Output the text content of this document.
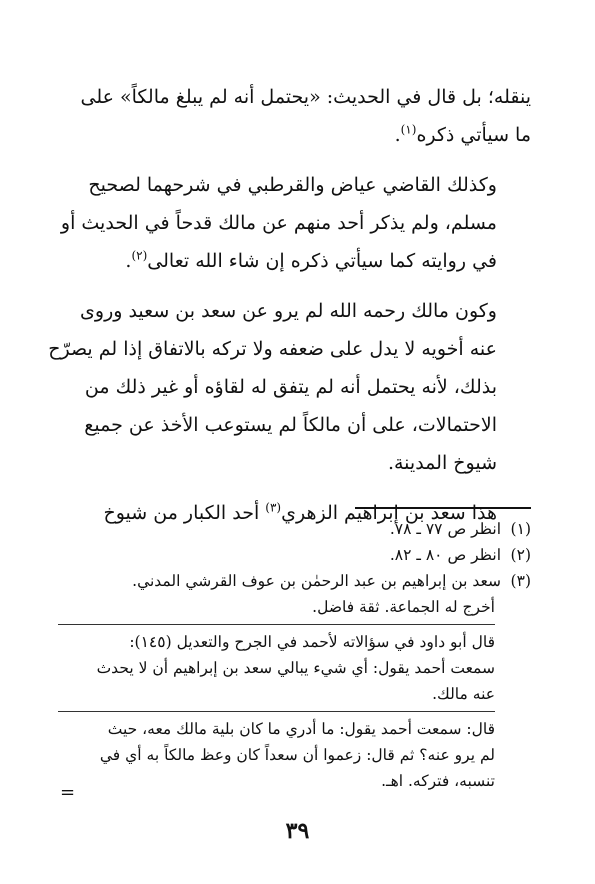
ينقله؛ بل قال في الحديث: «يحتمل أنه لم يبلغ مالكاً» على
ما سيأتي ذكره$^{(١)}$.

وكذلك القاضي عياض والقرطبي في شرحهما لصحيح
مسلم، ولم يذكر أحد منهم عن مالك قدحاً في الحديث أو
في روايته كما سيأتي ذكره إن شاء الله تعالى$^{(٢)}$.

وكون مالك رحمه الله لم يرو عن سعد بن سعيد وروى
عنه أخويه لا يدل على ضعفه ولا تركه بالاتفاق إذا لم يصرّح
بذلك، لأنه يحتمل أنه لم يتفق له لقاؤه أو غير ذلك من
الاحتمالات، على أن مالكاً لم يستوعب الأخذ عن جميع
شيوخ المدينة.

هذا سعد بن إبراهيم الزهري$^{(٣)}$ أحد الكبار من شيوخ

(١)انظر ص ٧٧ ـ ٧٨.
(٢)انظر ص ٨٠ ـ ٨٢.
(٣)سعد بن إبراهيم بن عبد الرحمٰن بن عوف القرشي المدني.
أخرج له الجماعة. ثقة فاضل.
قال أبو داود في سؤالاته لأحمد في الجرح والتعديل (١٤٥):
سمعت أحمد يقول: أي شيء يبالي سعد بن إبراهيم أن لا يحدث
عنه مالك.
قال: سمعت أحمد يقول: ما أدري ما كان بلية مالك معه، حيث
لم يرو عنه؟ ثم قال: زعموا أن سعداً كان وعظ مالكاً به أي في
تنسبه، فتركه. اهـ.
=
٣٩
